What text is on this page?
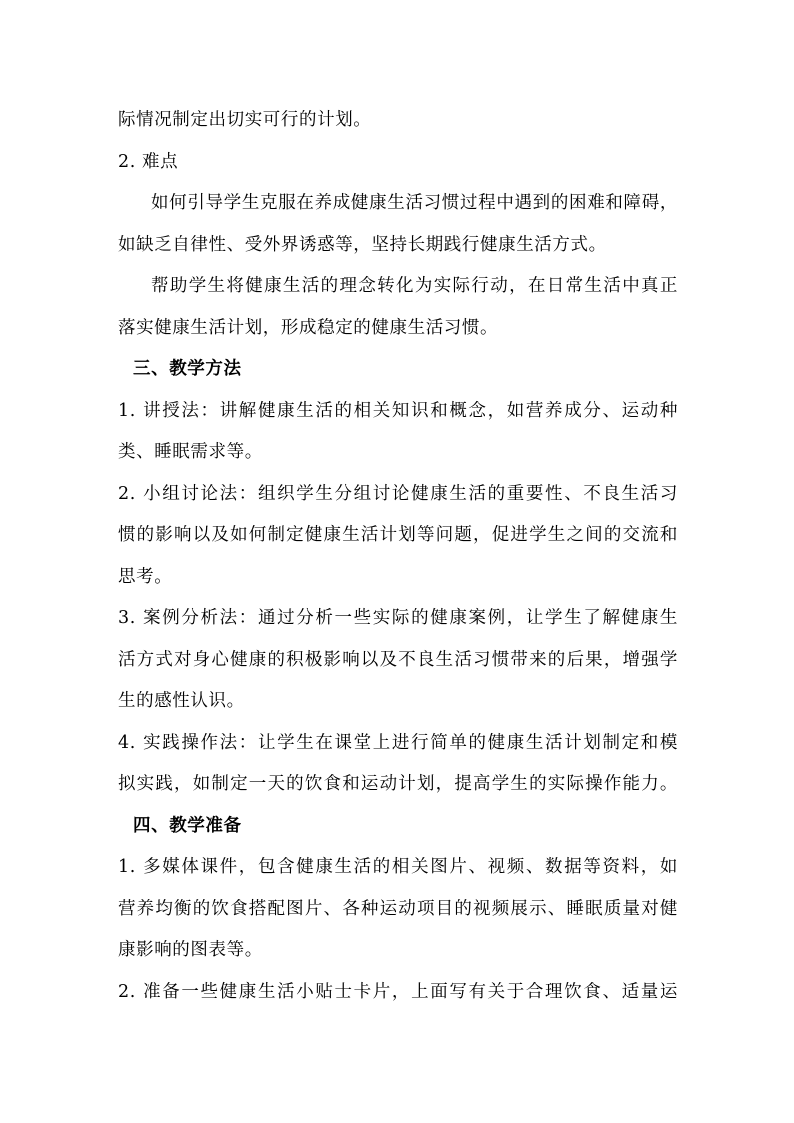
际情况制定出切实可行的计划。
2. 难点
如何引导学生克服在养成健康生活习惯过程中遇到的困难和障碍，
如缺乏自律性、受外界诱惑等，坚持长期践行健康生活方式。
帮助学生将健康生活的理念转化为实际行动，在日常生活中真正
落实健康生活计划，形成稳定的健康生活习惯。
三、教学方法
1. 讲授法：讲解健康生活的相关知识和概念，如营养成分、运动种
类、睡眠需求等。
2. 小组讨论法：组织学生分组讨论健康生活的重要性、不良生活习
惯的影响以及如何制定健康生活计划等问题，促进学生之间的交流和
思考。
3. 案例分析法：通过分析一些实际的健康案例，让学生了解健康生
活方式对身心健康的积极影响以及不良生活习惯带来的后果，增强学
生的感性认识。
4. 实践操作法：让学生在课堂上进行简单的健康生活计划制定和模
拟实践，如制定一天的饮食和运动计划，提高学生的实际操作能力。
四、教学准备
1. 多媒体课件，包含健康生活的相关图片、视频、数据等资料，如
营养均衡的饮食搭配图片、各种运动项目的视频展示、睡眠质量对健
康影响的图表等。
2. 准备一些健康生活小贴士卡片，上面写有关于合理饮食、适量运
